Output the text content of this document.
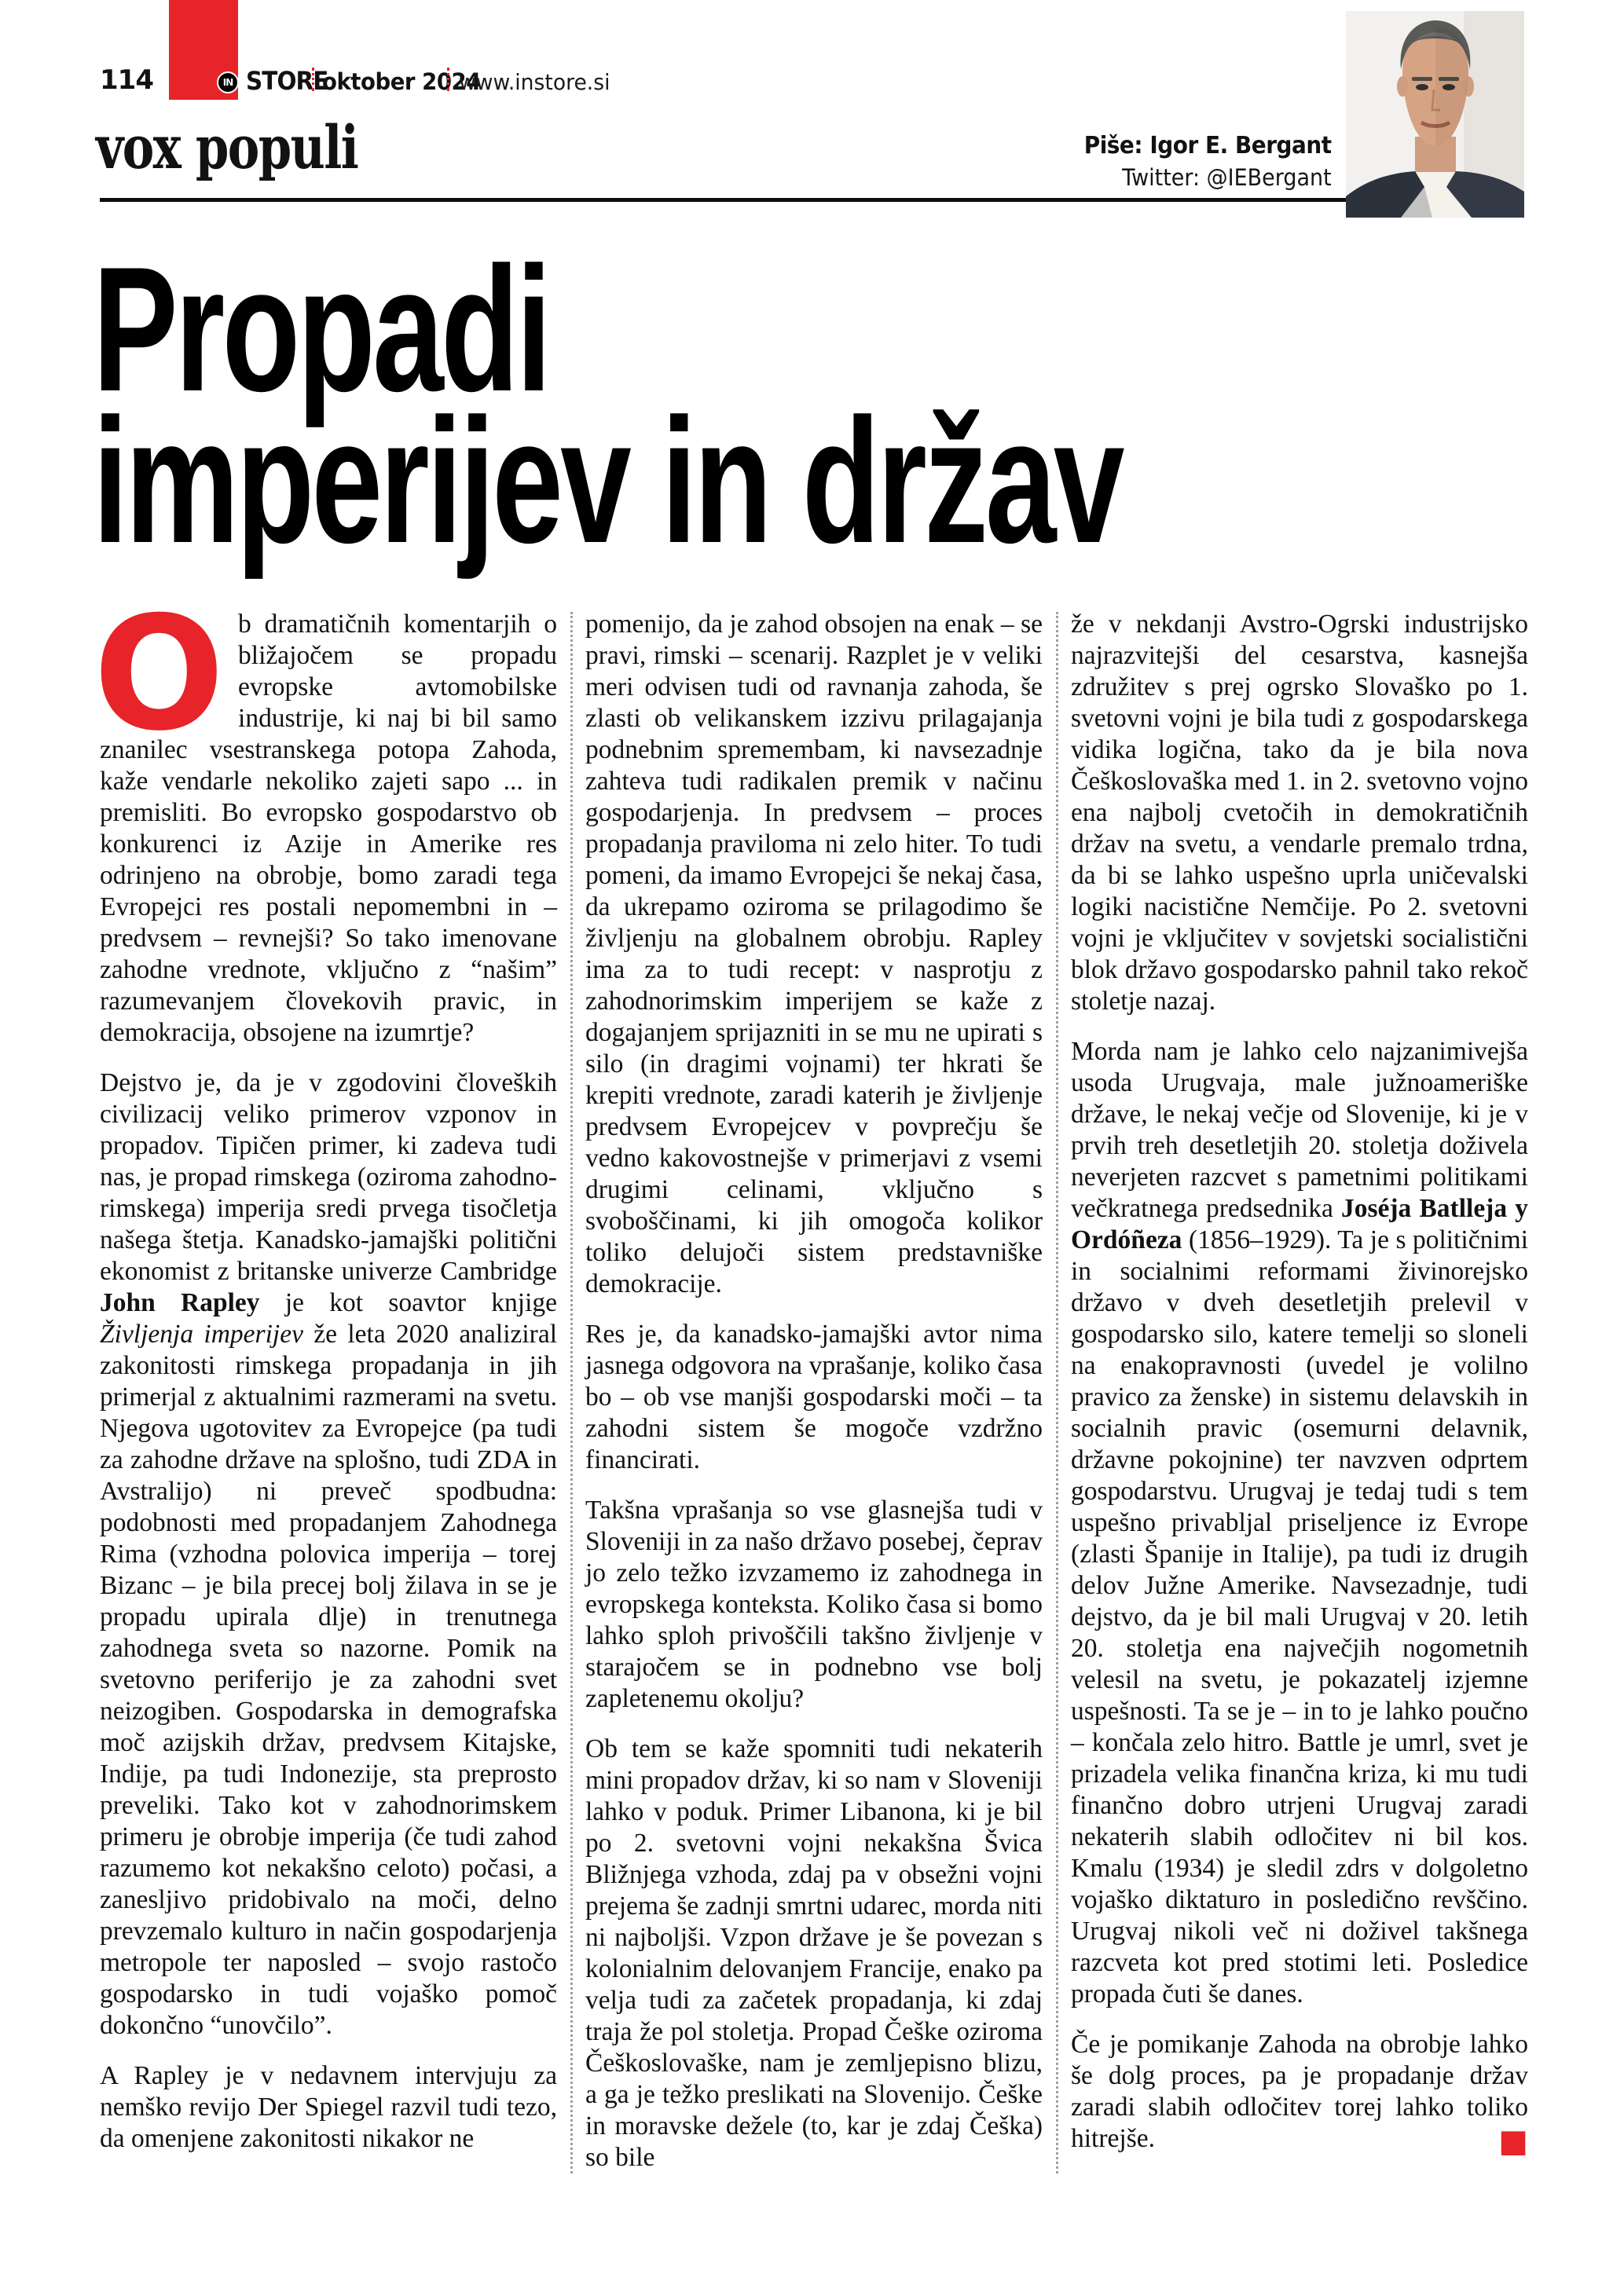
114	IN STORE
oktober 2024
www.instore.si
vox populi	Piše: Igor E. Bergant
Twitter: @IEBergant
Propadi
imperijev in držav

Ob dramatičnih komentarjih o bližajočem se propadu evropske avtomobilske industrije, ki naj bi bil samo znanilec vsestranskega potopa Zahoda, kaže vendarle nekoliko zajeti sapo ... in premisliti. Bo evropsko gospodarstvo ob konkurenci iz Azije in Amerike res odrinjeno na obrobje, bomo zaradi tega Evropejci res postali nepomembni in – predvsem – revnejši? So tako imenovane zahodne vrednote, vključno z “našim” razumevanjem človekovih pravic, in demokracija, obsojene na izumrtje?

Dejstvo je, da je v zgodovini človeških civilizacij veliko primerov vzponov in propadov. Tipičen primer, ki zadeva tudi nas, je propad rimskega (oziroma zahodno-rimskega) imperija sredi prvega tisočletja našega štetja. Kanadsko-jamajški politični ekonomist z britanske univerze Cambridge John Rapley je kot soavtor knjige Življenja imperijev že leta 2020 analiziral zakonitosti rimskega propadanja in jih primerjal z aktualnimi razmerami na svetu. Njegova ugotovitev za Evropejce (pa tudi za zahodne države na splošno, tudi ZDA in Avstralijo) ni preveč spodbudna: podobnosti med propadanjem Zahodnega Rima (vzhodna polovica imperija – torej Bizanc – je bila precej bolj žilava in se je propadu upirala dlje) in trenutnega zahodnega sveta so nazorne. Pomik na svetovno periferijo je za zahodni svet neizogiben. Gospodarska in demografska moč azijskih držav, predvsem Kitajske, Indije, pa tudi Indonezije, sta preprosto preveliki. Tako kot v zahodnorimskem primeru je obrobje imperija (če tudi zahod razumemo kot nekakšno celoto) počasi, a zanesljivo pridobivalo na moči, delno prevzemalo kulturo in način gospodarjenja metropole ter naposled – svojo rastočo gospodarsko in tudi vojaško pomoč dokončno “unovčilo”.

A Rapley je v nedavnem intervjuju za nemško revijo Der Spiegel razvil tudi tezo, da omenjene zakonitosti nikakor ne

pomenijo, da je zahod obsojen na enak – se pravi, rimski – scenarij. Razplet je v veliki meri odvisen tudi od ravnanja zahoda, še zlasti ob velikanskem izzivu prilagajanja podnebnim spremembam, ki navsezadnje zahteva tudi radikalen premik v načinu gospodarjenja. In predvsem – proces propadanja praviloma ni zelo hiter. To tudi pomeni, da imamo Evropejci še nekaj časa, da ukrepamo oziroma se prilagodimo še življenju na globalnem obrobju. Rapley ima za to tudi recept: v nasprotju z zahodnorimskim imperijem se kaže z dogajanjem sprijazniti in se mu ne upirati s silo (in dragimi vojnami) ter hkrati še krepiti vrednote, zaradi katerih je življenje predvsem Evropejcev v povprečju še vedno kakovostnejše v primerjavi z vsemi drugimi celinami, vključno s svoboščinami, ki jih omogoča kolikor toliko delujoči sistem predstavniške demokracije.

Res je, da kanadsko-jamajški avtor nima jasnega odgovora na vprašanje, koliko časa bo – ob vse manjši gospodarski moči – ta zahodni sistem še mogoče vzdržno financirati.

Takšna vprašanja so vse glasnejša tudi v Sloveniji in za našo državo posebej, čeprav jo zelo težko izvzamemo iz zahodnega in evropskega konteksta. Koliko časa si bomo lahko sploh privoščili takšno življenje v starajočem se in podnebno vse bolj zapletenemu okolju?

Ob tem se kaže spomniti tudi nekaterih mini propadov držav, ki so nam v Sloveniji lahko v poduk. Primer Libanona, ki je bil po 2. svetovni vojni nekakšna Švica Bližnjega vzhoda, zdaj pa v obsežni vojni prejema še zadnji smrtni udarec, morda niti ni najboljši. Vzpon države je še povezan s kolonialnim delovanjem Francije, enako pa velja tudi za začetek propadanja, ki zdaj traja že pol stoletja. Propad Češke oziroma Češkoslovaške, nam je zemljepisno blizu, a ga je težko preslikati na Slovenijo. Češke in moravske dežele (to, kar je zdaj Češka) so bile

že v nekdanji Avstro-Ogrski industrijsko najrazvitejši del cesarstva, kasnejša združitev s prej ogrsko Slovaško po 1. svetovni vojni je bila tudi z gospodarskega vidika logična, tako da je bila nova Češkoslovaška med 1. in 2. svetovno vojno ena najbolj cvetočih in demokratičnih držav na svetu, a vendarle premalo trdna, da bi se lahko uspešno uprla uničevalski logiki nacistične Nemčije. Po 2. svetovni vojni je vključitev v sovjetski socialistični blok državo gospodarsko pahnil tako rekoč stoletje nazaj.

Morda nam je lahko celo najzanimivejša usoda Urugvaja, male južnoameriške države, le nekaj večje od Slovenije, ki je v prvih treh desetletjih 20. stoletja doživela neverjeten razcvet s pametnimi politikami večkratnega predsednika Joséja Batlleja y Ordóñeza (1856–1929). Ta je s političnimi in socialnimi reformami živinorejsko državo v dveh desetletjih prelevil v gospodarsko silo, katere temelji so sloneli na enakopravnosti (uvedel je volilno pravico za ženske) in sistemu delavskih in socialnih pravic (osemurni delavnik, državne pokojnine) ter navzven odprtem gospodarstvu. Urugvaj je tedaj tudi s tem uspešno privabljal priseljence iz Evrope (zlasti Španije in Italije), pa tudi iz drugih delov Južne Amerike. Navsezadnje, tudi dejstvo, da je bil mali Urugvaj v 20. letih 20. stoletja ena največjih nogometnih velesil na svetu, je pokazatelj izjemne uspešnosti. Ta se je – in to je lahko poučno – končala zelo hitro. Battle je umrl, svet je prizadela velika finančna kriza, ki mu tudi finančno dobro utrjeni Urugvaj zaradi nekaterih slabih odločitev ni bil kos. Kmalu (1934) je sledil zdrs v dolgoletno vojaško diktaturo in posledično revščino. Urugvaj nikoli več ni doživel takšnega razcveta kot pred stotimi leti. Posledice propada čuti še danes.

Če je pomikanje Zahoda na obrobje lahko še dolg proces, pa je propadanje držav zaradi slabih odločitev torej lahko toliko hitrejše.	■
